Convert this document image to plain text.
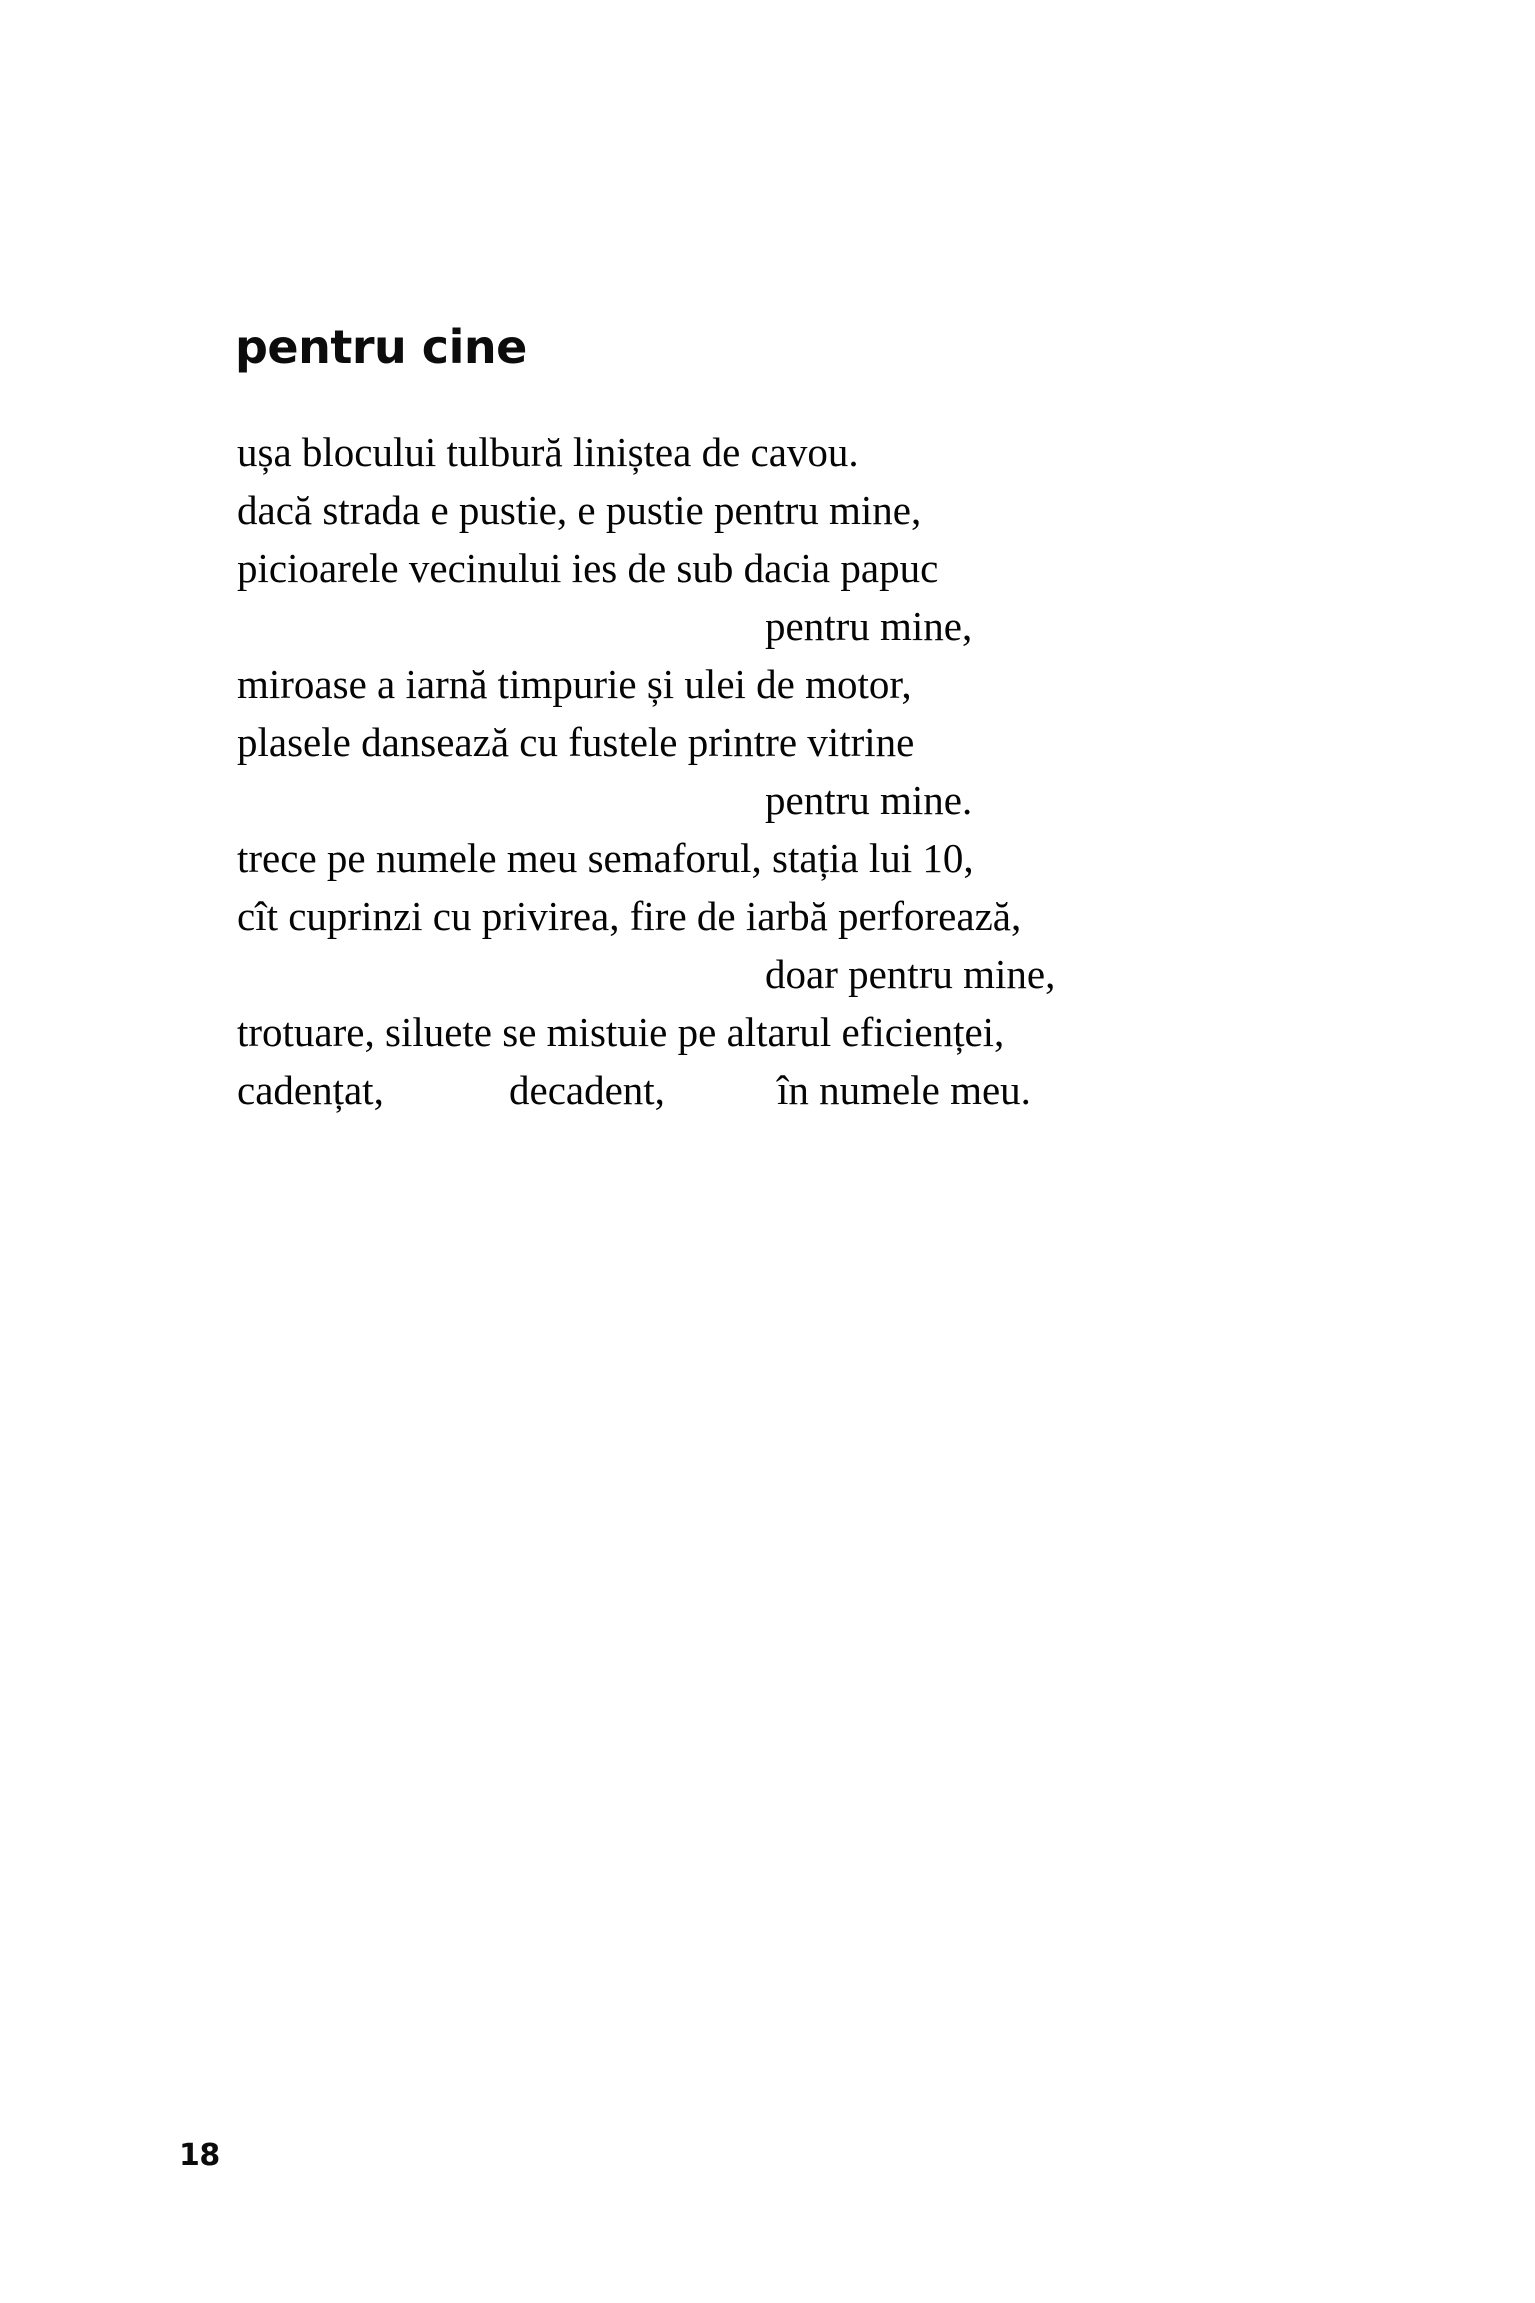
pentru cine
ușa blocului tulbură liniștea de cavou.
dacă strada e pustie, e pustie pentru mine,
picioarele vecinului ies de sub dacia papuc
pentru mine,
miroase a iarnă timpurie și ulei de motor,
plasele dansează cu fustele printre vitrine
pentru mine.
trece pe numele meu semaforul, stația lui 10,
cît cuprinzi cu privirea, fire de iarbă perforează,
doar pentru mine,
trotuare, siluete se mistuie pe altarul eficienței,
cadențat,	decadent,	în numele meu.
18
